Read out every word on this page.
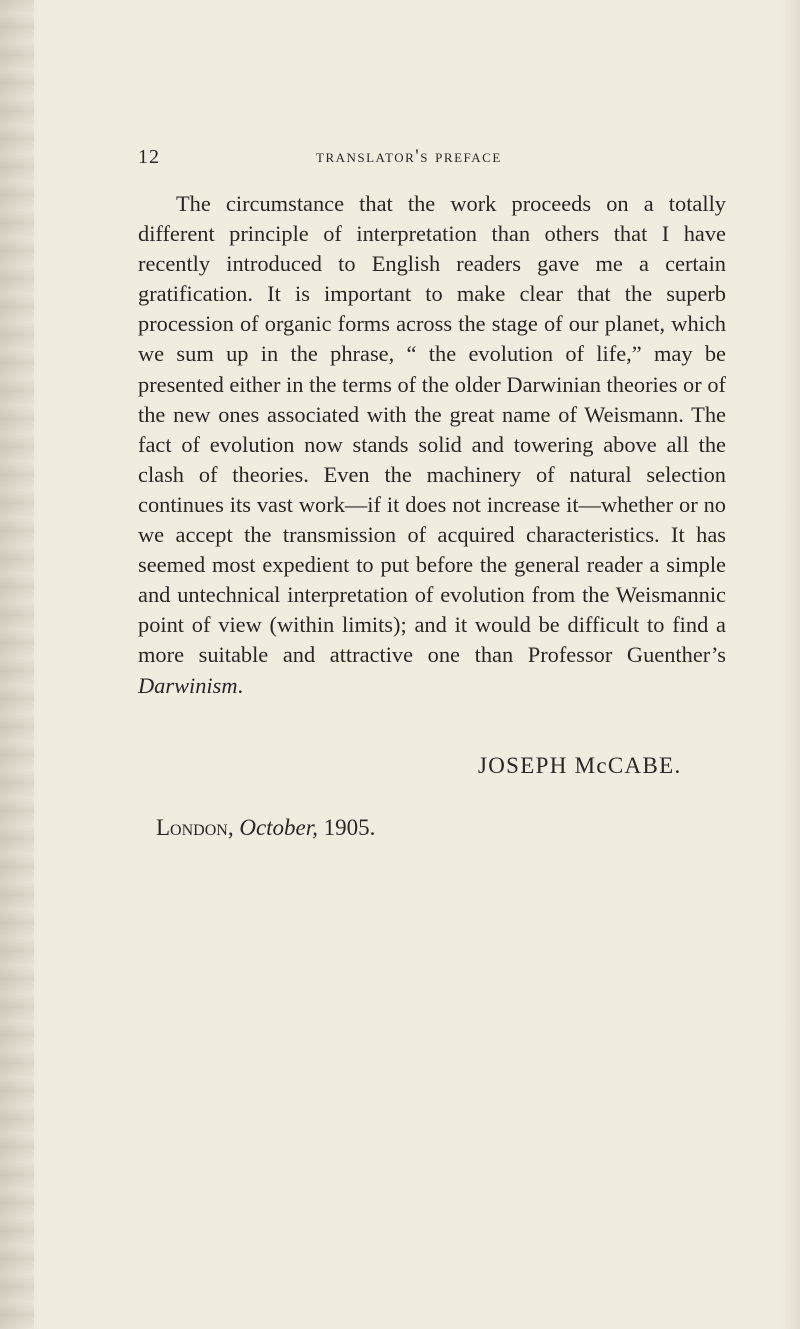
12	translator's preface

The circumstance that the work proceeds on a totally different principle of interpretation than others that I have recently introduced to English readers gave me a certain gratification. It is important to make clear that the superb procession of organic forms across the stage of our planet, which we sum up in the phrase, “ the evolution of life,” may be presented either in the terms of the older Darwinian theories or of the new ones associated with the great name of Weismann. The fact of evolution now stands solid and towering above all the clash of theories. Even the machinery of natural selection continues its vast work—if it does not increase it—whether or no we accept the transmission of acquired characteristics. It has seemed most expedient to put before the general reader a simple and untechnical interpretation of evolution from the Weismannic point of view (within limits); and it would be difficult to find a more suitable and attractive one than Professor Guenther’s Darwinism.

JOSEPH McCABE.
London, October, 1905.
